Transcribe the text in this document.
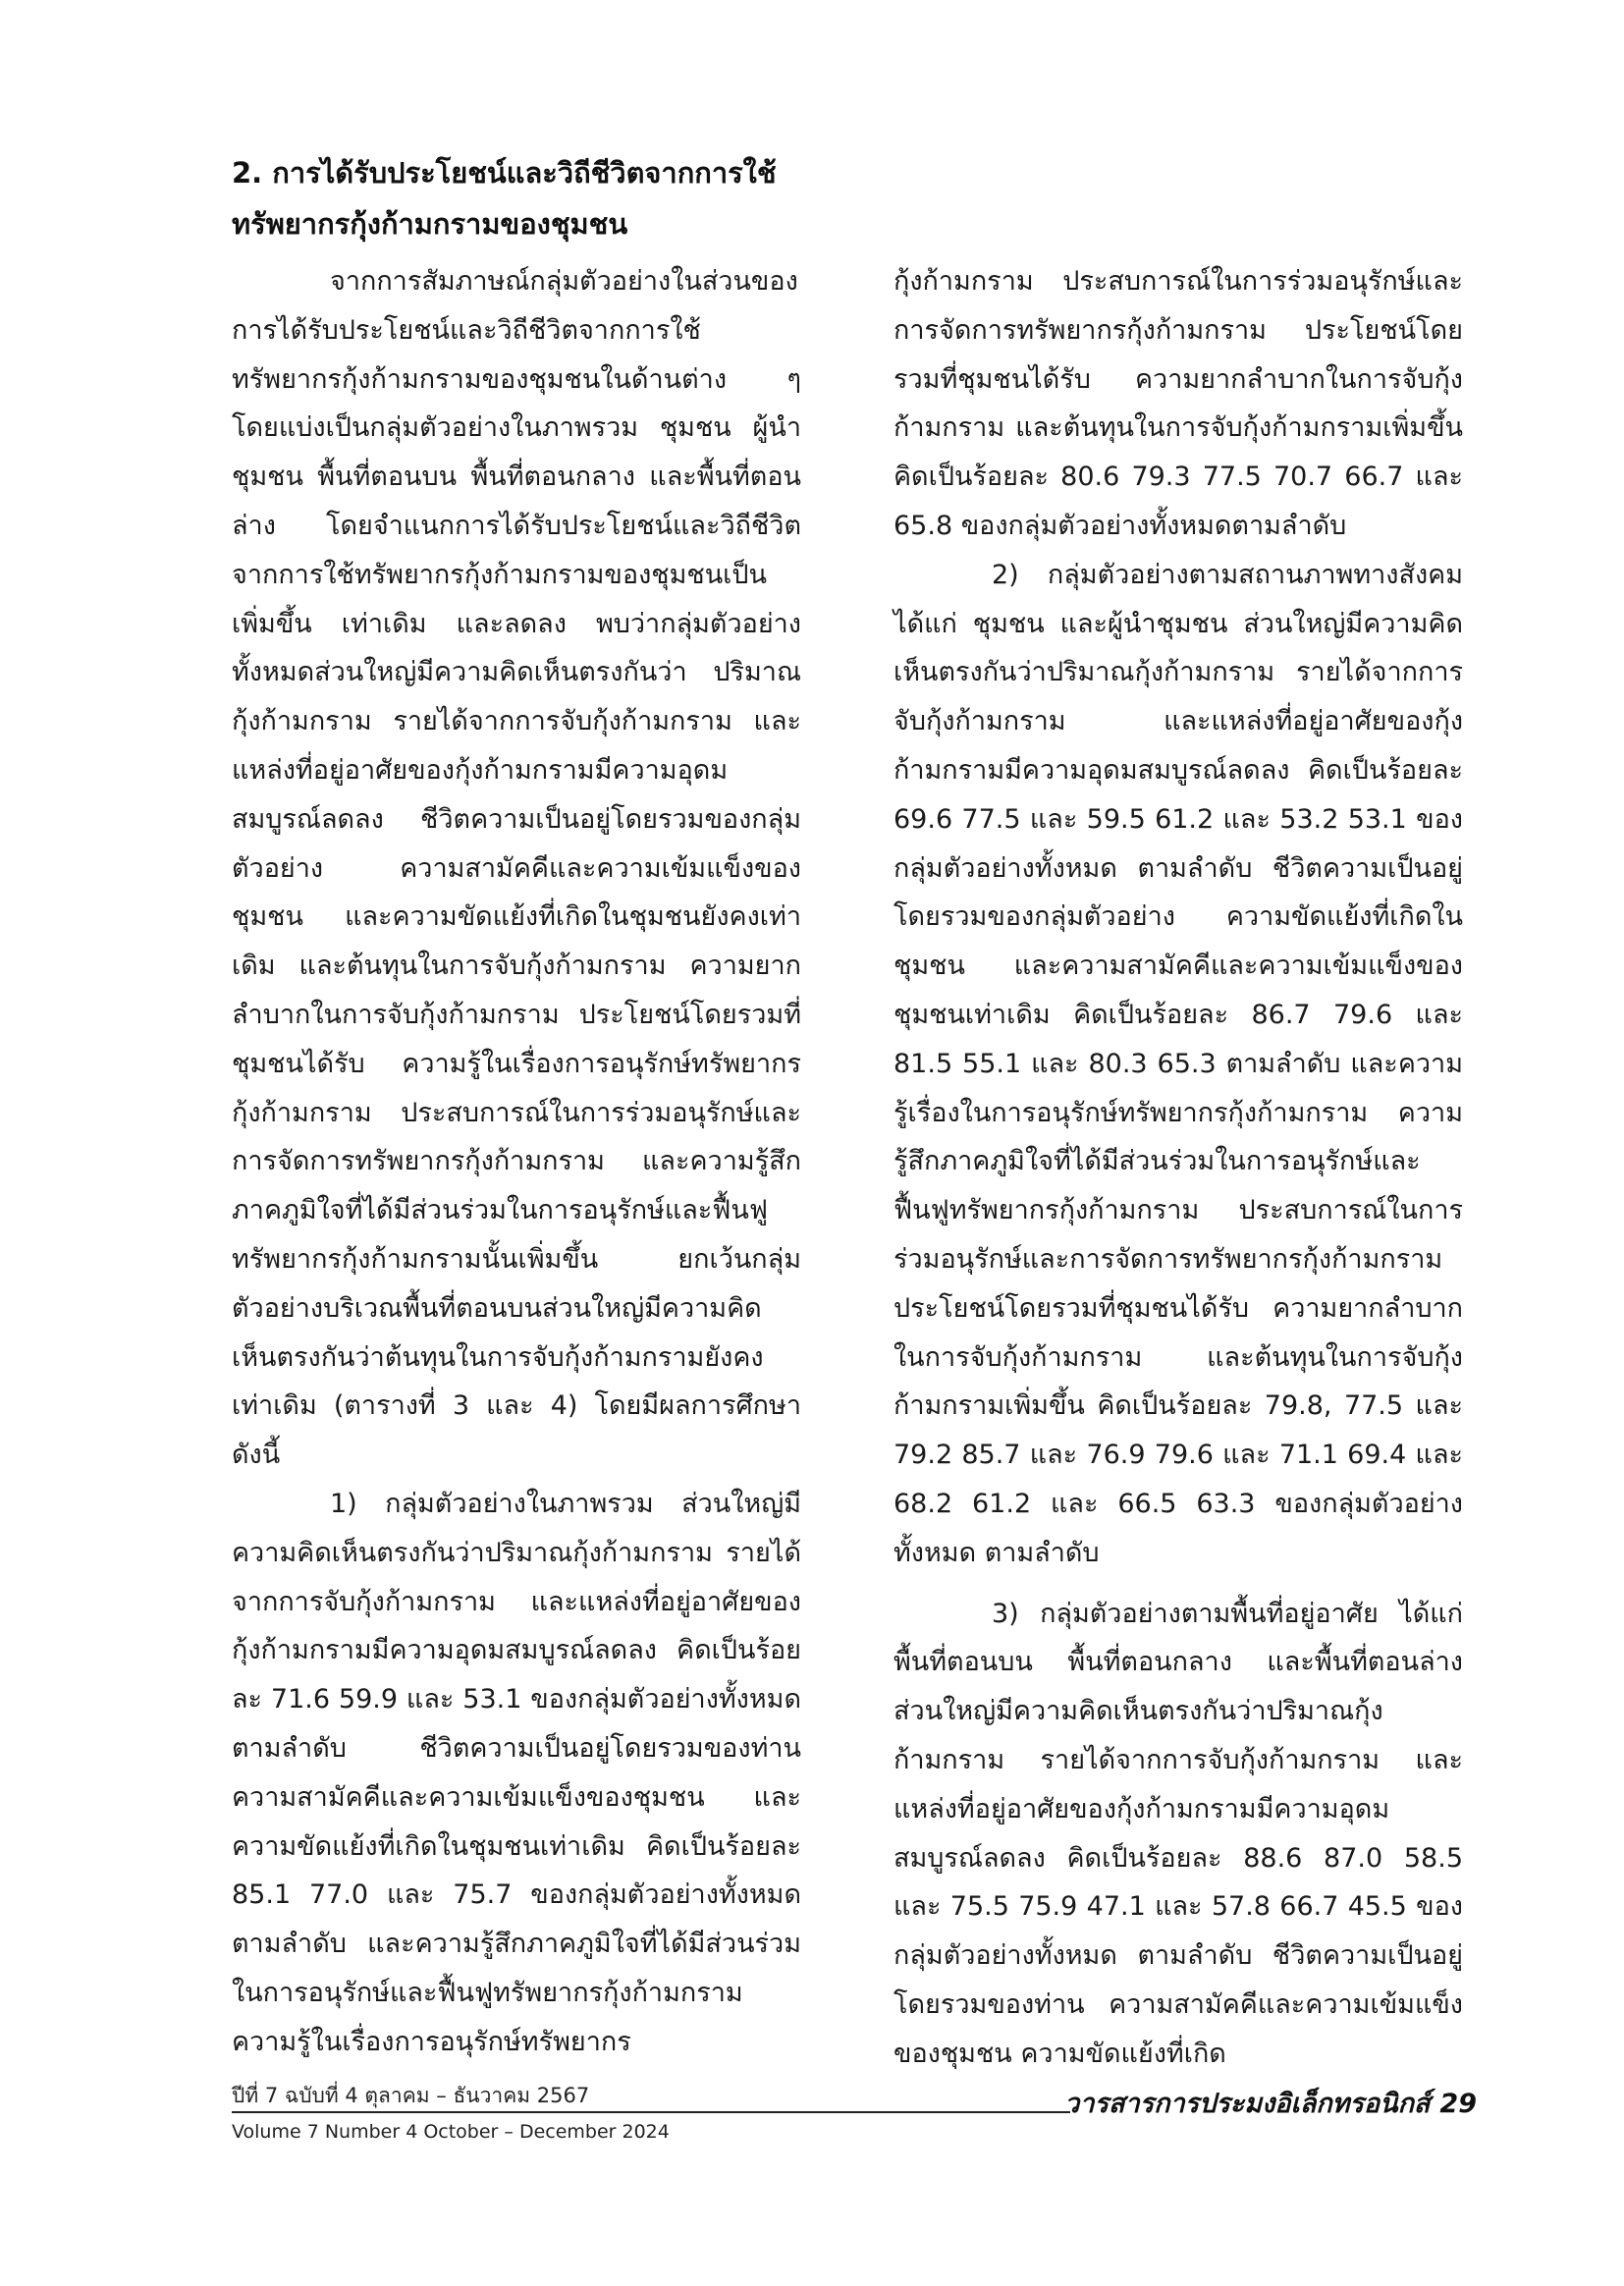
2. การได้รับประโยชน์และวิถีชีวิตจากการใช้
ทรัพยากรกุ้งก้ามกรามของชุมชน

จากการสัมภาษณ์กลุ่มตัวอย่างในส่วนของการได้รับประโยชน์และวิถีชีวิตจากการใช้ทรัพยากรกุ้งก้ามกรามของชุมชนในด้านต่าง ๆ โดยแบ่งเป็นกลุ่มตัวอย่างในภาพรวม ชุมชน ผู้นำชุมชน พื้นที่ตอนบน พื้นที่ตอนกลาง และพื้นที่ตอนล่าง โดยจำแนกการได้รับประโยชน์และวิถีชีวิตจากการใช้ทรัพยากรกุ้งก้ามกรามของชุมชนเป็น เพิ่มขึ้น เท่าเดิม และลดลง พบว่ากลุ่มตัวอย่างทั้งหมดส่วนใหญ่มีความคิดเห็นตรงกันว่า ปริมาณกุ้งก้ามกราม รายได้จากการจับกุ้งก้ามกราม และแหล่งที่อยู่อาศัยของกุ้งก้ามกรามมีความอุดมสมบูรณ์ลดลง ชีวิตความเป็นอยู่โดยรวมของกลุ่มตัวอย่าง ความสามัคคีและความเข้มแข็งของชุมชน และความขัดแย้งที่เกิดในชุมชนยังคงเท่าเดิม และต้นทุนในการจับกุ้งก้ามกราม ความยากลำบากในการจับกุ้งก้ามกราม ประโยชน์โดยรวมที่ชุมชนได้รับ ความรู้ในเรื่องการอนุรักษ์ทรัพยากรกุ้งก้ามกราม ประสบการณ์ในการร่วมอนุรักษ์และการจัดการทรัพยากรกุ้งก้ามกราม และความรู้สึกภาคภูมิใจที่ได้มีส่วนร่วมในการอนุรักษ์และฟื้นฟูทรัพยากรกุ้งก้ามกรามนั้นเพิ่มขึ้น ยกเว้นกลุ่มตัวอย่างบริเวณพื้นที่ตอนบนส่วนใหญ่มีความคิดเห็นตรงกันว่าต้นทุนในการจับกุ้งก้ามกรามยังคงเท่าเดิม (ตารางที่ 3 และ 4) โดยมีผลการศึกษา ดังนี้

1) กลุ่มตัวอย่างในภาพรวม ส่วนใหญ่มีความคิดเห็นตรงกันว่าปริมาณกุ้งก้ามกราม รายได้จากการจับกุ้งก้ามกราม และแหล่งที่อยู่อาศัยของกุ้งก้ามกรามมีความอุดมสมบูรณ์ลดลง คิดเป็นร้อยละ 71.6 59.9 และ 53.1 ของกลุ่มตัวอย่างทั้งหมด ตามลำดับ ชีวิตความเป็นอยู่โดยรวมของท่าน ความสามัคคีและความเข้มแข็งของชุมชน และความขัดแย้งที่เกิดในชุมชนเท่าเดิม คิดเป็นร้อยละ 85.1 77.0 และ 75.7 ของกลุ่มตัวอย่างทั้งหมด ตามลำดับ และความรู้สึกภาคภูมิใจที่ได้มีส่วนร่วมในการอนุรักษ์และฟื้นฟูทรัพยากรกุ้งก้ามกราม ความรู้ในเรื่องการอนุรักษ์ทรัพยากร

กุ้งก้ามกราม ประสบการณ์ในการร่วมอนุรักษ์และการจัดการทรัพยากรกุ้งก้ามกราม ประโยชน์โดยรวมที่ชุมชนได้รับ ความยากลำบากในการจับกุ้งก้ามกราม และต้นทุนในการจับกุ้งก้ามกรามเพิ่มขึ้น คิดเป็นร้อยละ 80.6 79.3 77.5 70.7 66.7 และ 65.8 ของกลุ่มตัวอย่างทั้งหมดตามลำดับ

2) กลุ่มตัวอย่างตามสถานภาพทางสังคม ได้แก่ ชุมชน และผู้นำชุมชน ส่วนใหญ่มีความคิดเห็นตรงกันว่าปริมาณกุ้งก้ามกราม รายได้จากการจับกุ้งก้ามกราม และแหล่งที่อยู่อาศัยของกุ้งก้ามกรามมีความอุดมสมบูรณ์ลดลง คิดเป็นร้อยละ 69.6 77.5 และ 59.5 61.2 และ 53.2 53.1 ของกลุ่มตัวอย่างทั้งหมด ตามลำดับ ชีวิตความเป็นอยู่โดยรวมของกลุ่มตัวอย่าง ความขัดแย้งที่เกิดในชุมชน และความสามัคคีและความเข้มแข็งของชุมชนเท่าเดิม คิดเป็นร้อยละ 86.7 79.6 และ 81.5 55.1 และ 80.3 65.3 ตามลำดับ และความรู้เรื่องในการอนุรักษ์ทรัพยากรกุ้งก้ามกราม ความรู้สึกภาคภูมิใจที่ได้มีส่วนร่วมในการอนุรักษ์และฟื้นฟูทรัพยากรกุ้งก้ามกราม ประสบการณ์ในการร่วมอนุรักษ์และการจัดการทรัพยากรกุ้งก้ามกราม ประโยชน์โดยรวมที่ชุมชนได้รับ ความยากลำบากในการจับกุ้งก้ามกราม และต้นทุนในการจับกุ้งก้ามกรามเพิ่มขึ้น คิดเป็นร้อยละ 79.8, 77.5 และ 79.2 85.7 และ 76.9 79.6 และ 71.1 69.4 และ 68.2 61.2 และ 66.5 63.3 ของกลุ่มตัวอย่างทั้งหมด ตามลำดับ

3) กลุ่มตัวอย่างตามพื้นที่อยู่อาศัย ได้แก่ พื้นที่ตอนบน พื้นที่ตอนกลาง และพื้นที่ตอนล่าง ส่วนใหญ่มีความคิดเห็นตรงกันว่าปริมาณกุ้งก้ามกราม รายได้จากการจับกุ้งก้ามกราม และแหล่งที่อยู่อาศัยของกุ้งก้ามกรามมีความอุดมสมบูรณ์ลดลง คิดเป็นร้อยละ 88.6 87.0 58.5 และ 75.5 75.9 47.1 และ 57.8 66.7 45.5 ของกลุ่มตัวอย่างทั้งหมด ตามลำดับ ชีวิตความเป็นอยู่โดยรวมของท่าน ความสามัคคีและความเข้มแข็งของชุมชน ความขัดแย้งที่เกิด

ปีที่ 7 ฉบับที่ 4 ตุลาคม – ธันวาคม 2567
Volume 7 Number 4 October – December 2024
วารสารการประมงอิเล็กทรอนิกส์ 29
